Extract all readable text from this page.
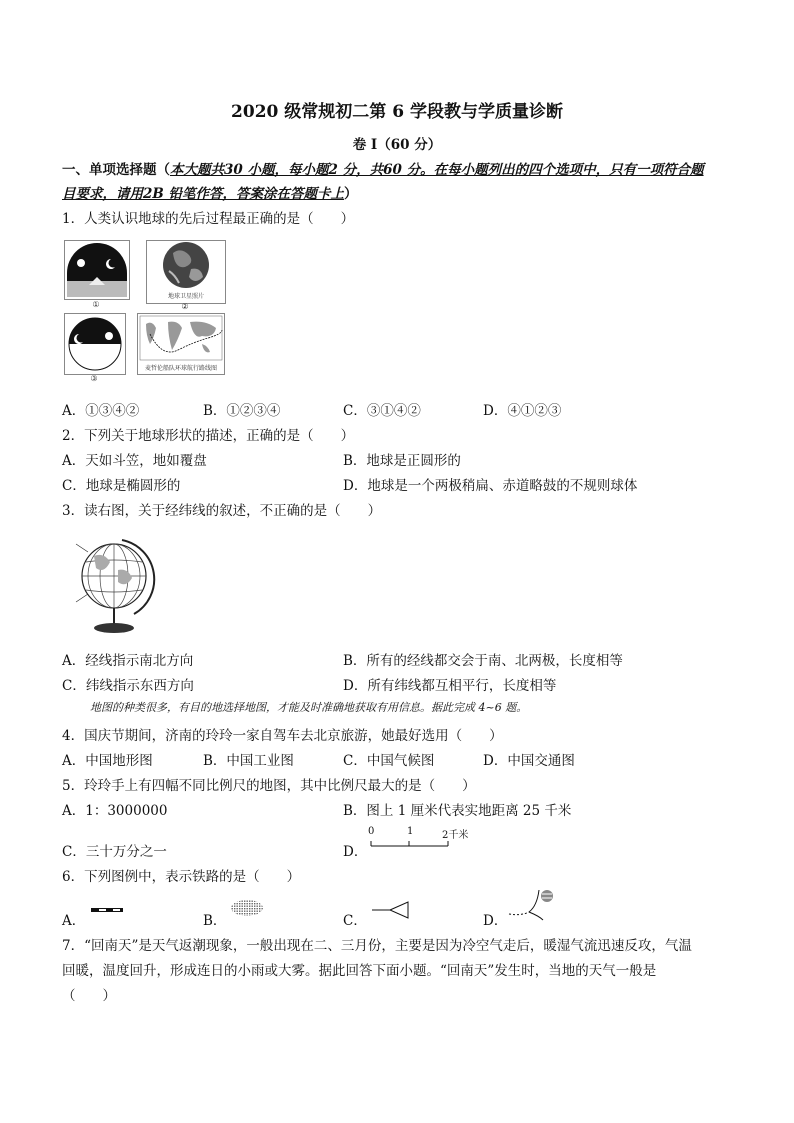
2020 级常规初二第 6 学段教与学质量诊断
卷 I（60 分）
一、单项选择题（本大题共30 小题，每小题2 分，共60 分。在每小题列出的四个选项中，只有一项符合题
目要求，请用2B 铅笔作答，答案涂在答题卡上）
1．人类认识地球的先后过程最正确的是（　　）
①
地球卫星照片
②
③
麦哲伦船队环球航行路线图
A．①③④②	B．①②③④	C．③①④②	D．④①②③
2．下列关于地球形状的描述，正确的是（　　）
A．天如斗笠，地如覆盘	B．地球是正圆形的
C．地球是椭圆形的	D．地球是一个两极稍扁、赤道略鼓的不规则球体
3．读右图，关于经纬线的叙述，不正确的是（　　）
A．经线指示南北方向	B．所有的经线都交会于南、北两极，长度相等
C．纬线指示东西方向	D．所有纬线都互相平行，长度相等
地图的种类很多，有目的地选择地图，才能及时准确地获取有用信息。据此完成 4~6 题。
4．国庆节期间，济南的玲玲一家自驾车去北京旅游，她最好选用（　　）
A．中国地形图	B．中国工业图	C．中国气候图	D．中国交通图
5．玲玲手上有四幅不同比例尺的地图，其中比例尺最大的是（　　）
A．1：3000000	B．图上 1 厘米代表实地距离 25 千米
C．三十万分之一	D．
0	1	2千米
6．下列图例中，表示铁路的是（　　）
A．	B．	C．	D．
7．“回南天”是天气返潮现象，一般出现在二、三月份，主要是因为冷空气走后，暖湿气流迅速反攻，气温
回暖，温度回升，形成连日的小雨或大雾。据此回答下面小题。“回南天”发生时，当地的天气一般是
（　　）
